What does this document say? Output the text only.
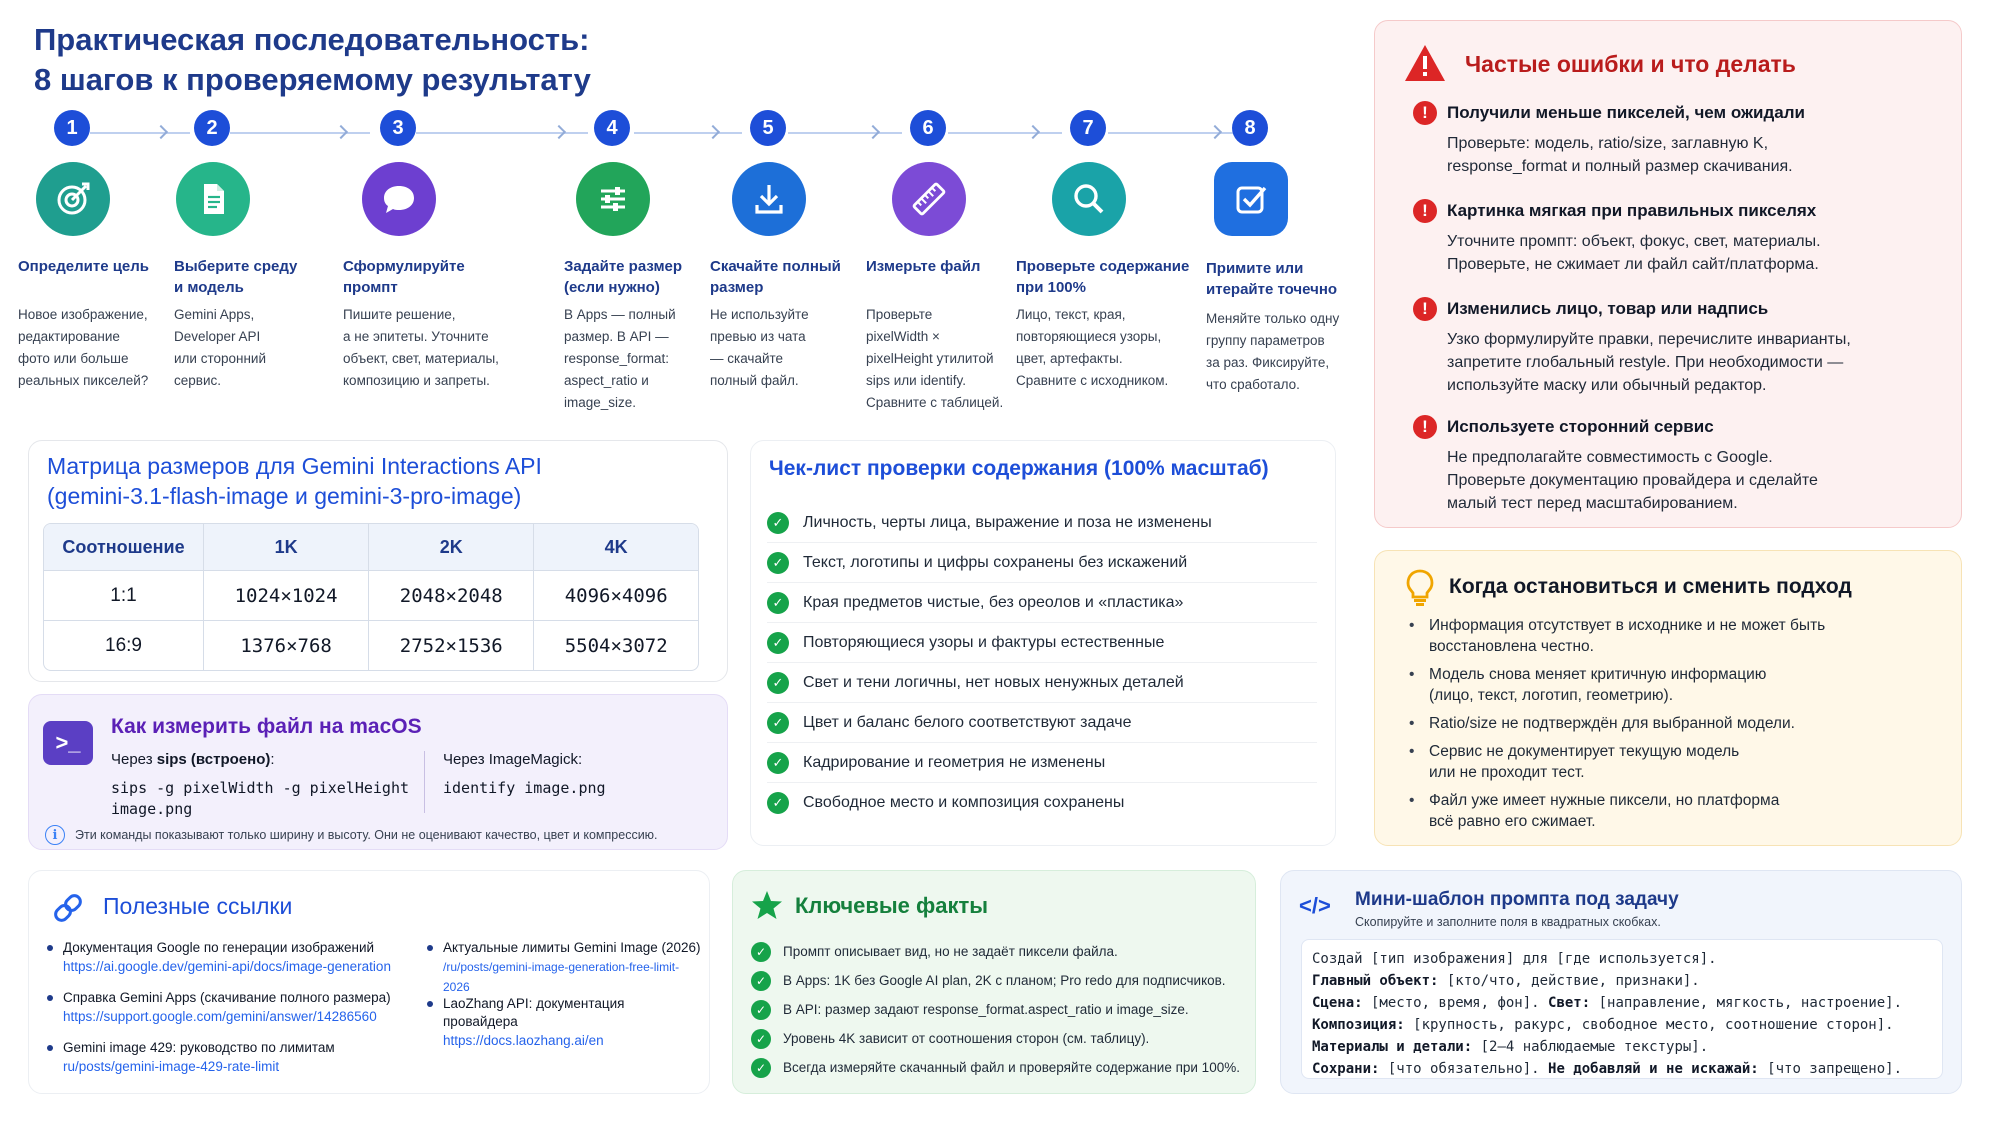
Практическая последовательность:
8 шагов к проверяемому результату
1
Определите цель
Новое изображение,
редактирование
фото или больше
реальных пикселей?
2
Выберите среду
и модель
Gemini Apps,
Developer API
или сторонний
сервис.
3
Сформулируйте
промпт
Пишите решение,
а не эпитеты. Уточните
объект, свет, материалы,
композицию и запреты.
4
Задайте размер
(если нужно)
В Apps — полный
размер. В API —
response_format:
aspect_ratio и
image_size.
5
Скачайте полный
размер
Не используйте
превью из чата
— скачайте
полный файл.
6
Измерьте файл
Проверьте
pixelWidth ×
pixelHeight утилитой
sips или identify.
Сравните с таблицей.
7
Проверьте содержание
при 100%
Лицо, текст, края,
повторяющиеся узоры,
цвет, артефакты.
Сравните с исходником.
8
Примите или
итерайте точечно
Меняйте только одну
группу параметров
за раз. Фиксируйте,
что сработало.
Частые ошибки и что делать
!	Получили меньше пикселей, чем ожидали
Проверьте: модель, ratio/size, заглавную K,
response_format и полный размер скачивания.
!	Картинка мягкая при правильных пикселях
Уточните промпт: объект, фокус, свет, материалы.
Проверьте, не сжимает ли файл сайт/платформа.
!	Изменились лицо, товар или надпись
Узко формулируйте правки, перечислите инварианты,
запретите глобальный restyle. При необходимости —
используйте маску или обычный редактор.
!	Используете сторонний сервис
Не предполагайте совместимость с Google.
Проверьте документацию провайдера и сделайте
малый тест перед масштабированием.
Когда остановиться и сменить подход
• Информация отсутствует в исходнике и не может быть
восстановлена честно.
• Модель снова меняет критичную информацию
(лицо, текст, логотип, геометрию).
• Ratio/size не подтверждён для выбранной модели.
• Сервис не документирует текущую модель
или не проходит тест.
• Файл уже имеет нужные пиксели, но платформа
всё равно его сжимает.
Матрица размеров для Gemini Interactions API
(gemini-3.1-flash-image и gemini-3-pro-image)
Соотношение	1K	2K	4K
1:1	1024×1024	2048×2048	4096×4096
16:9	1376×768	2752×1536	5504×3072
>_
Как измерить файл на macOS
Через sips (встроено):
sips -g pixelWidth -g pixelHeight
image.png
Через ImageMagick:
identify image.png
i	Эти команды показывают только ширину и высоту. Они не оценивают качество, цвет и компрессию.
Чек-лист проверки содержания (100% масштаб)
✓	Личность, черты лица, выражение и поза не изменены
✓	Текст, логотипы и цифры сохранены без искажений
✓	Края предметов чистые, без ореолов и «пластика»
✓	Повторяющиеся узоры и фактуры естественные
✓	Свет и тени логичны, нет новых ненужных деталей
✓	Цвет и баланс белого соответствуют задаче
✓	Кадрирование и геометрия не изменены
✓	Свободное место и композиция сохранены
Полезные ссылки
Документация Google по генерации изображений
https://ai.google.dev/gemini-api/docs/image-generation
Справка Gemini Apps (скачивание полного размера)
https://support.google.com/gemini/answer/14286560
Gemini image 429: руководство по лимитам
ru/posts/gemini-image-429-rate-limit
Актуальные лимиты Gemini Image (2026)
/ru/posts/gemini-image-generation-free-limit-2026
LaoZhang API: документация провайдера
https://docs.laozhang.ai/en
Ключевые факты
✓	Промпт описывает вид, но не задаёт пиксели файла.
✓	В Apps: 1K без Google AI plan, 2K с планом; Pro redo для подписчиков.
✓	В API: размер задают response_format.aspect_ratio и image_size.
✓	Уровень 4K зависит от соотношения сторон (см. таблицу).
✓	Всегда измеряйте скачанный файл и проверяйте содержание при 100%.
</> Мини-шаблон промпта под задачу
Скопируйте и заполните поля в квадратных скобках.
Создай [тип изображения] для [где используется].
Главный объект: [кто/что, действие, признаки].
Сцена: [место, время, фон]. Свет: [направление, мягкость, настроение].
Композиция: [крупность, ракурс, свободное место, соотношение сторон].
Материалы и детали: [2–4 наблюдаемые текстуры].
Сохрани: [что обязательно]. Не добавляй и не искажай: [что запрещено].
